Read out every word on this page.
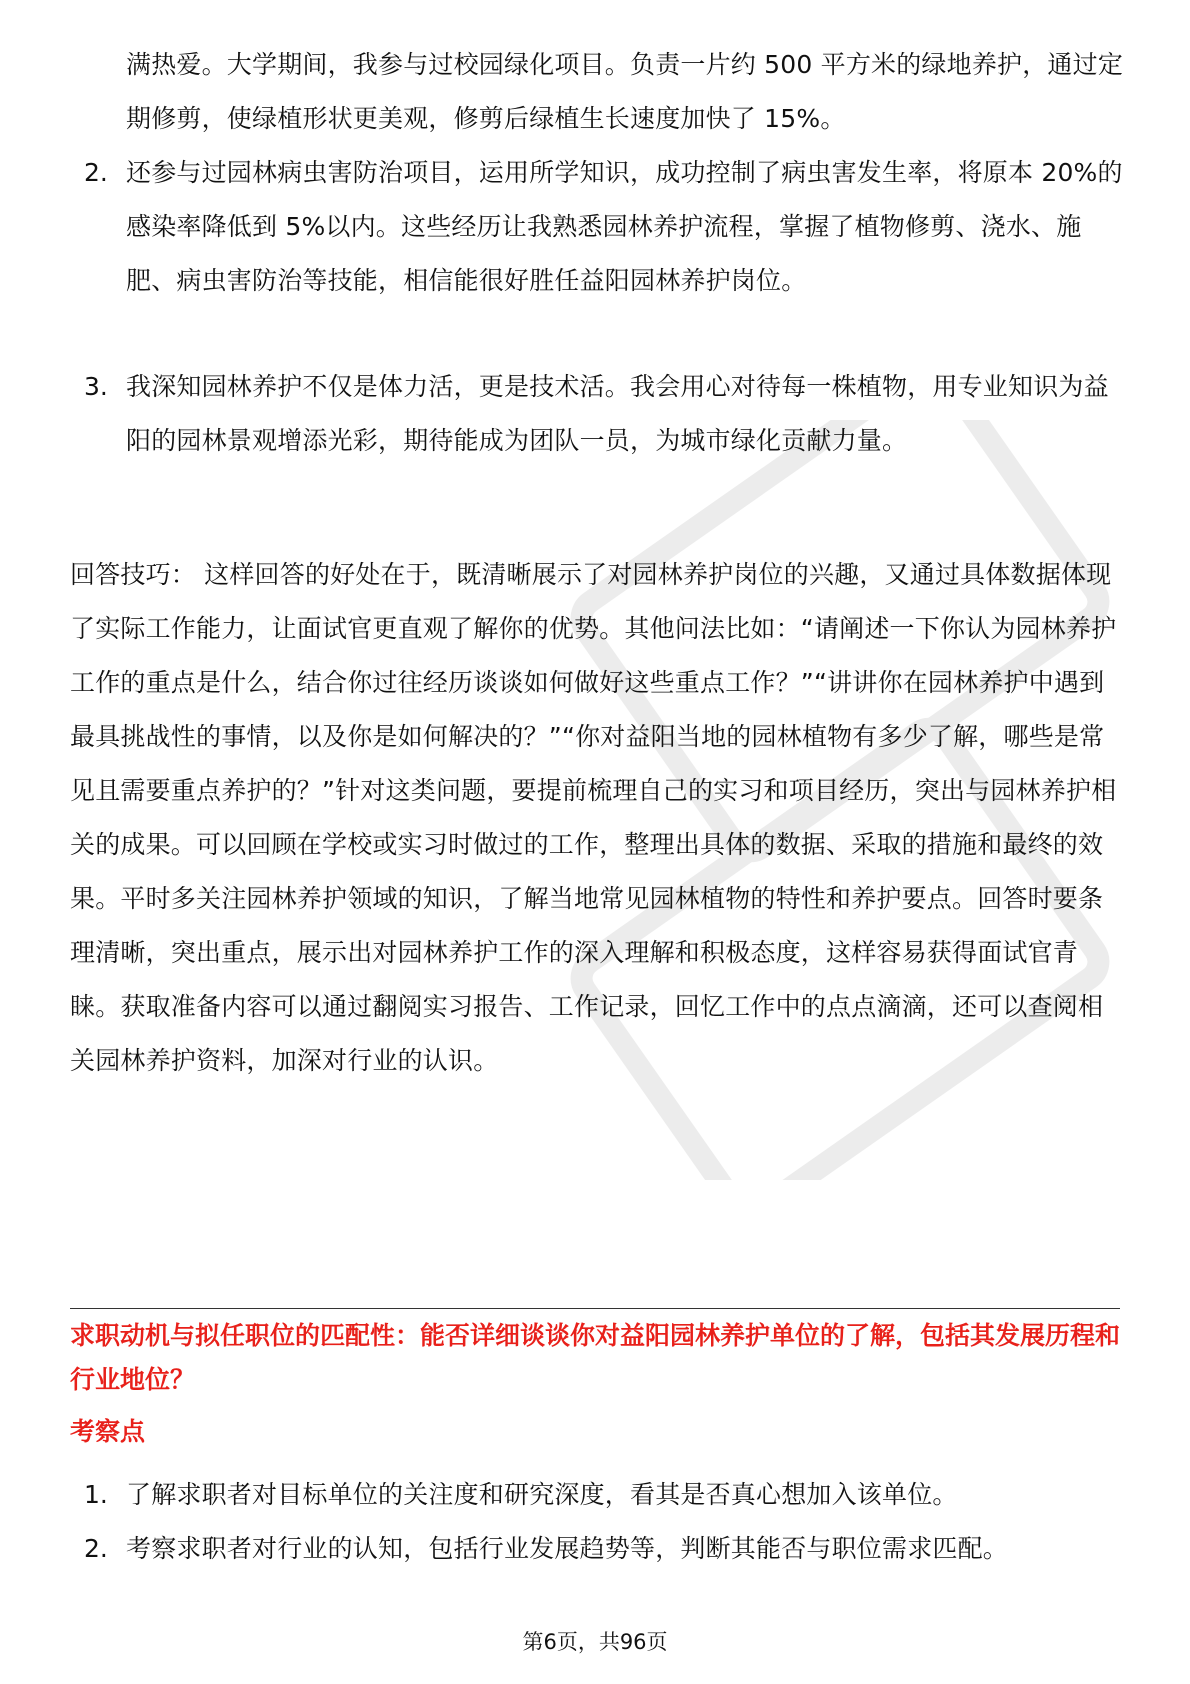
满热爱。大学期间，我参与过校园绿化项目。负责一片约 500 平方米的绿地养护，通过定期修剪，使绿植形状更美观，修剪后绿植生长速度加快了 15%。
2. 还参与过园林病虫害防治项目，运用所学知识，成功控制了病虫害发生率，将原本 20%的感染率降低到 5%以内。这些经历让我熟悉园林养护流程，掌握了植物修剪、浇水、施肥、病虫害防治等技能，相信能很好胜任益阳园林养护岗位。
3. 我深知园林养护不仅是体力活，更是技术活。我会用心对待每一株植物，用专业知识为益阳的园林景观增添光彩，期待能成为团队一员，为城市绿化贡献力量。
回答技巧： 这样回答的好处在于，既清晰展示了对园林养护岗位的兴趣，又通过具体数据体现了实际工作能力，让面试官更直观了解你的优势。其他问法比如：“请阐述一下你认为园林养护工作的重点是什么，结合你过往经历谈谈如何做好这些重点工作？”“讲讲你在园林养护中遇到最具挑战性的事情，以及你是如何解决的？”“你对益阳当地的园林植物有多少了解，哪些是常见且需要重点养护的？”针对这类问题，要提前梳理自己的实习和项目经历，突出与园林养护相关的成果。可以回顾在学校或实习时做过的工作，整理出具体的数据、采取的措施和最终的效果。平时多关注园林养护领域的知识，了解当地常见园林植物的特性和养护要点。回答时要条理清晰，突出重点，展示出对园林养护工作的深入理解和积极态度，这样容易获得面试官青睐。获取准备内容可以通过翻阅实习报告、工作记录，回忆工作中的点点滴滴，还可以查阅相关园林养护资料，加深对行业的认识。
求职动机与拟任职位的匹配性：能否详细谈谈你对益阳园林养护单位的了解，包括其发展历程和行业地位？
考察点
1. 了解求职者对目标单位的关注度和研究深度，看其是否真心想加入该单位。
2. 考察求职者对行业的认知，包括行业发展趋势等，判断其能否与职位需求匹配。
第6页，共96页
